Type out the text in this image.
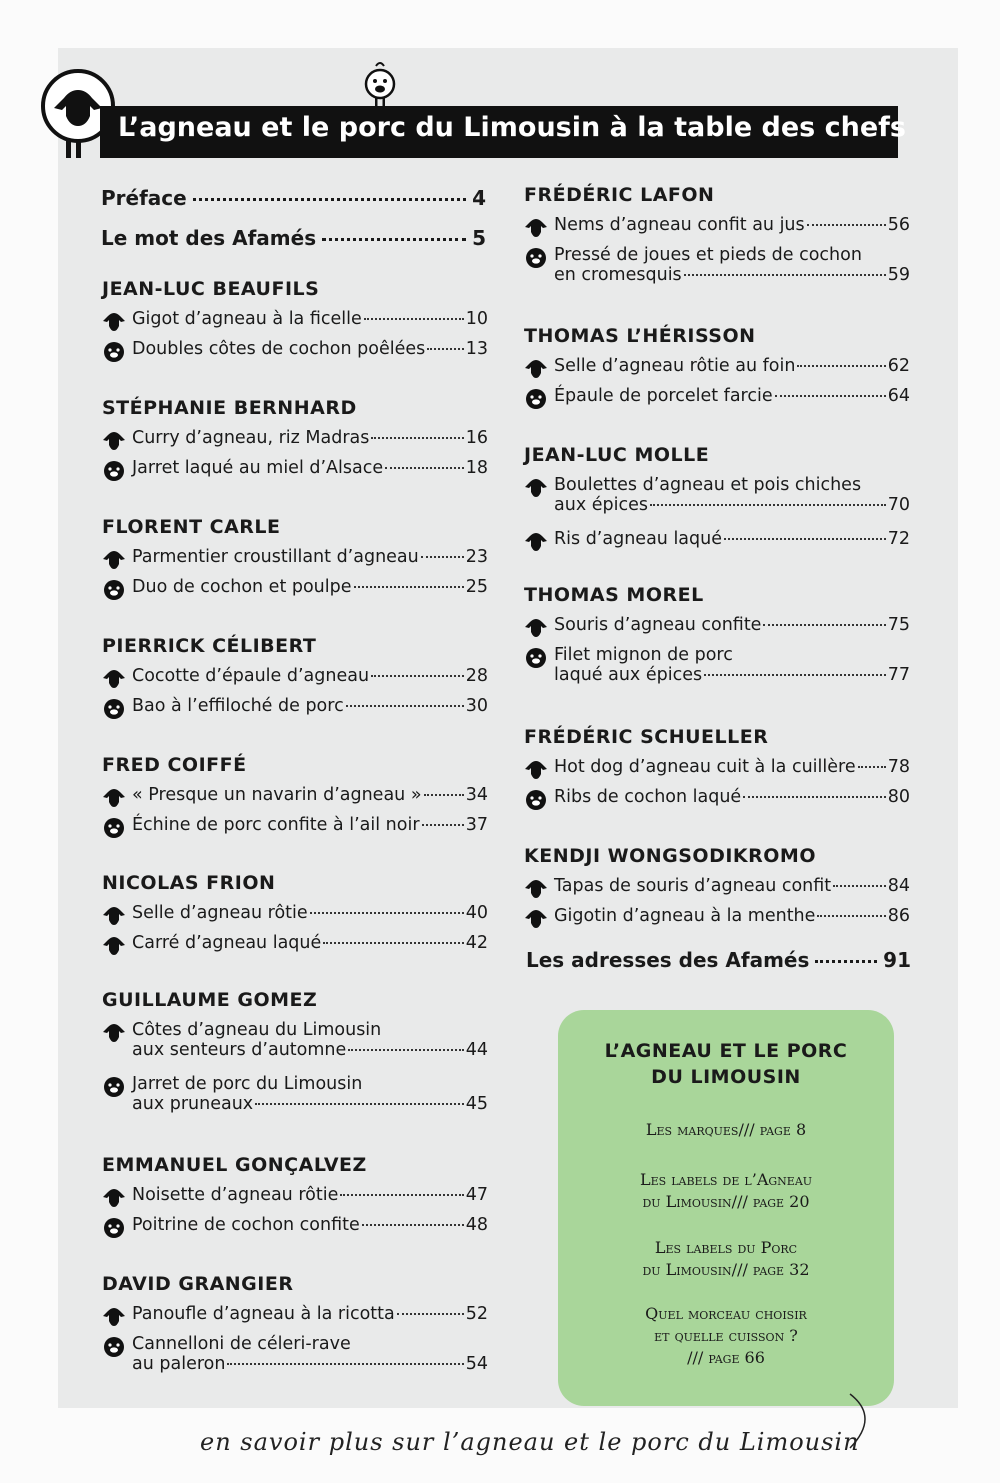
L’agneau et le porc du Limousin à la table des chefs
Préface	4
Le mot des Afamés	5
JEAN-LUC BEAUFILS
Gigot d’agneau à la ficelle	10
Doubles côtes de cochon poêlées 13
STÉPHANIE BERNHARD
Curry d’agneau, riz Madras	16
Jarret laqué au miel d’Alsace	18
FLORENT CARLE
Parmentier croustillant d’agneau	23
Duo de cochon et poulpe	25
PIERRICK CÉLIBERT
Cocotte d’épaule d’agneau	28
Bao à l’effiloché de porc	30
FRED COIFFÉ
« Presque un navarin d’agneau »	34
Échine de porc confite à l’ail noir	37
NICOLAS FRION
Selle d’agneau rôtie	40
Carré d’agneau laqué	42
GUILLAUME GOMEZ
Côtes d’agneau du Limousin
aux senteurs d’automne	44
Jarret de porc du Limousin
aux pruneaux	45
EMMANUEL GONÇALVEZ
Noisette d’agneau rôtie	47
Poitrine de cochon confite	48
DAVID GRANGIER
Panoufle d’agneau à la ricotta	52
Cannelloni de céleri-rave
au paleron	54
FRÉDÉRIC LAFON
Nems d’agneau confit au jus	56
Pressé de joues et pieds de cochon
en cromesquis	59
THOMAS L’HÉRISSON
Selle d’agneau rôtie au foin	62
Épaule de porcelet farcie	64
JEAN-LUC MOLLE
Boulettes d’agneau et pois chiches
aux épices	70
Ris d’agneau laqué	72
THOMAS MOREL
Souris d’agneau confite	75
Filet mignon de porc
laqué aux épices	77
FRÉDÉRIC SCHUELLER
Hot dog d’agneau cuit à la cuillère 78
Ribs de cochon laqué	80
KENDJI WONGSODIKROMO
Tapas de souris d’agneau confit	84
Gigotin d’agneau à la menthe	86
Les adresses des Afamés	91
L’AGNEAU ET LE PORC
DU LIMOUSIN
Les marques/// page 8
Les labels de l’Agneau
du Limousin/// page 20
Les labels du Porc
du Limousin/// page 32
Quel morceau choisir
et quelle cuisson ?
/// page 66
en savoir plus sur l’agneau et le porc du Limousin
